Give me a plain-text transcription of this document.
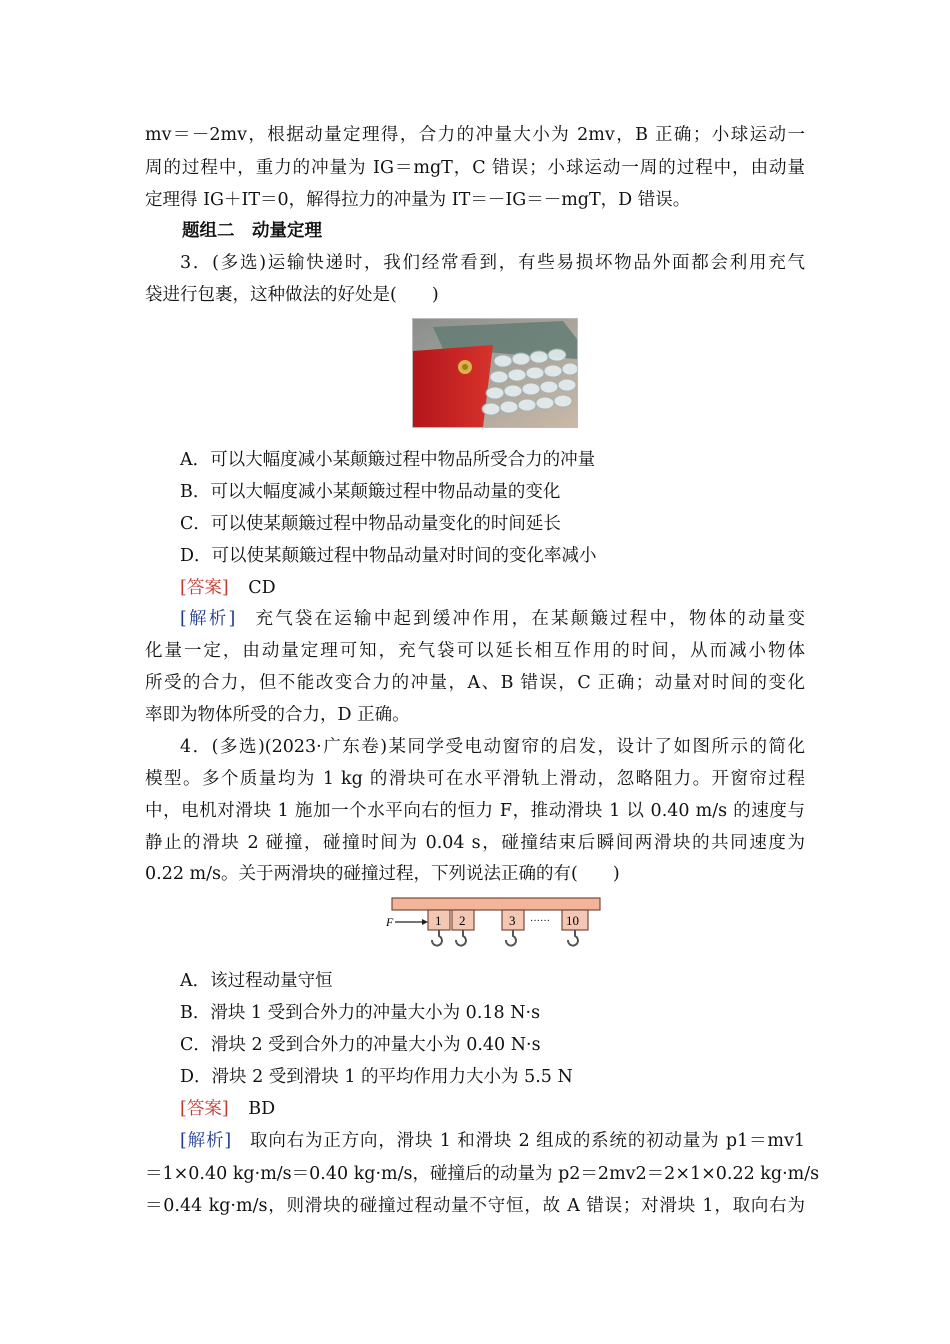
mv＝－2mv，根据动量定理得，合力的冲量大小为 2mv，B 正确；小球运动一
周的过程中，重力的冲量为 IG＝mgT，C 错误；小球运动一周的过程中，由动量
定理得 IG＋IT＝0，解得拉力的冲量为 IT＝－IG＝－mgT，D 错误。
题组二　动量定理
3．(多选)运输快递时，我们经常看到，有些易损坏物品外面都会利用充气
袋进行包裹，这种做法的好处是(　　)
A．可以大幅度减小某颠簸过程中物品所受合力的冲量
B．可以大幅度减小某颠簸过程中物品动量的变化
C．可以使某颠簸过程中物品动量变化的时间延长
D．可以使某颠簸过程中物品动量对时间的变化率减小
[答案] CD
[解析] 充气袋在运输中起到缓冲作用，在某颠簸过程中，物体的动量变
化量一定，由动量定理可知，充气袋可以延长相互作用的时间，从而减小物体
所受的合力，但不能改变合力的冲量，A、B 错误，C 正确；动量对时间的变化
率即为物体所受的合力，D 正确。
4．(多选)(2023·广东卷)某同学受电动窗帘的启发，设计了如图所示的简化
模型。多个质量均为 1 kg 的滑块可在水平滑轨上滑动，忽略阻力。开窗帘过程
中，电机对滑块 1 施加一个水平向右的恒力 F，推动滑块 1 以 0.40 m/s 的速度与
静止的滑块 2 碰撞，碰撞时间为 0.04 s，碰撞结束后瞬间两滑块的共同速度为
0.22 m/s。关于两滑块的碰撞过程，下列说法正确的有(　　)
F	1 2	3 ······ 10
A．该过程动量守恒
B．滑块 1 受到合外力的冲量大小为 0.18 N·s
C．滑块 2 受到合外力的冲量大小为 0.40 N·s
D．滑块 2 受到滑块 1 的平均作用力大小为 5.5 N
[答案] BD
[解析] 取向右为正方向，滑块 1 和滑块 2 组成的系统的初动量为 p1＝mv1
＝1×0.40 kg·m/s＝0.40 kg·m/s，碰撞后的动量为 p2＝2mv2＝2×1×0.22 kg·m/s
＝0.44 kg·m/s，则滑块的碰撞过程动量不守恒，故 A 错误；对滑块 1，取向右为
